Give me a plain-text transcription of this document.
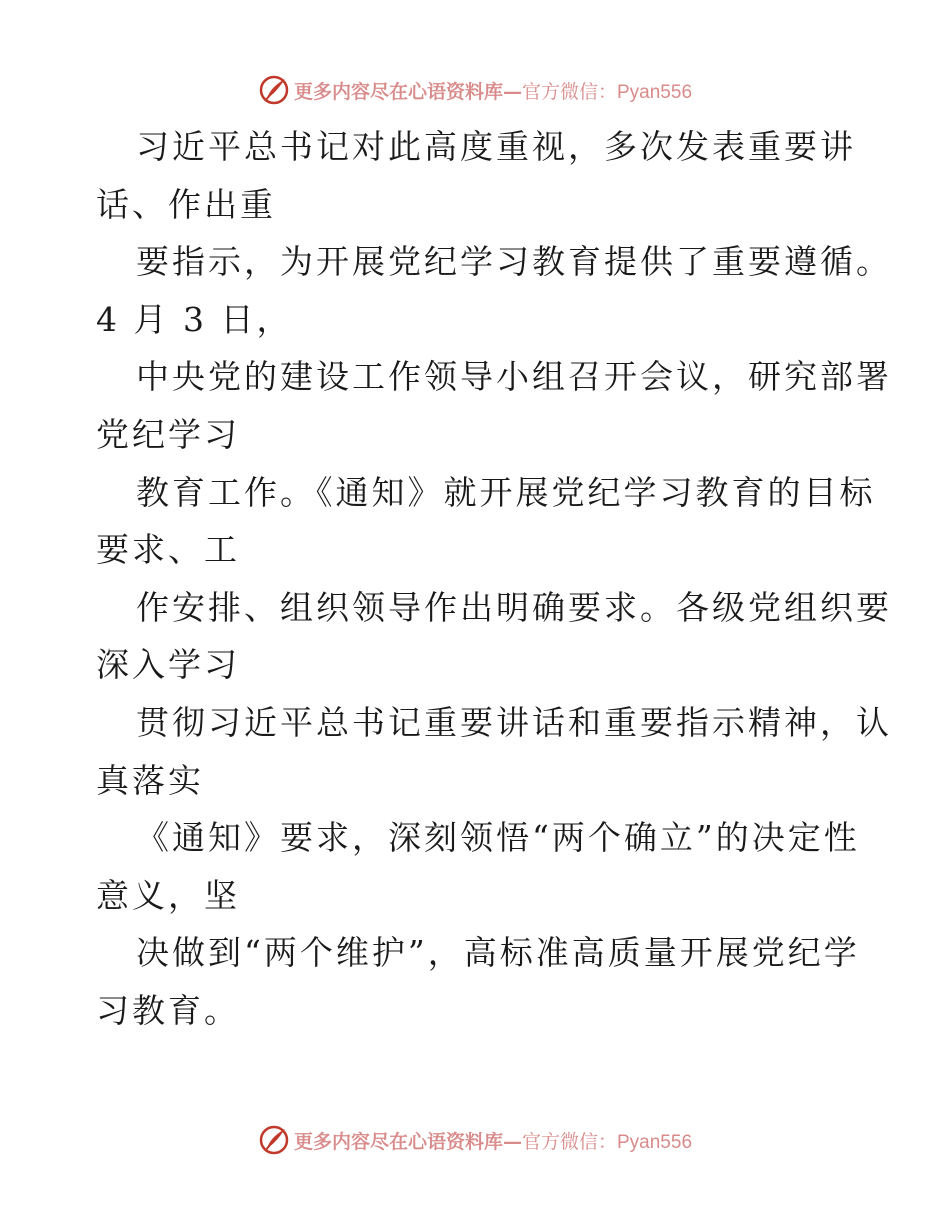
更多内容尽在心语资料库—官方微信：Pyan556
习近平总书记对此高度重视，多次发表重要讲
话、作出重
要指示，为开展党纪学习教育提供了重要遵循。
4 月 3 日，
中央党的建设工作领导小组召开会议，研究部署
党纪学习
教育工作。《通知》就开展党纪学习教育的目标
要求、工
作安排、组织领导作出明确要求。各级党组织要
深入学习
贯彻习近平总书记重要讲话和重要指示精神，认
真落实
《通知》要求，深刻领悟“两个确立”的决定性
意义，坚
决做到“两个维护”，高标准高质量开展党纪学
习教育。
更多内容尽在心语资料库—官方微信：Pyan556
